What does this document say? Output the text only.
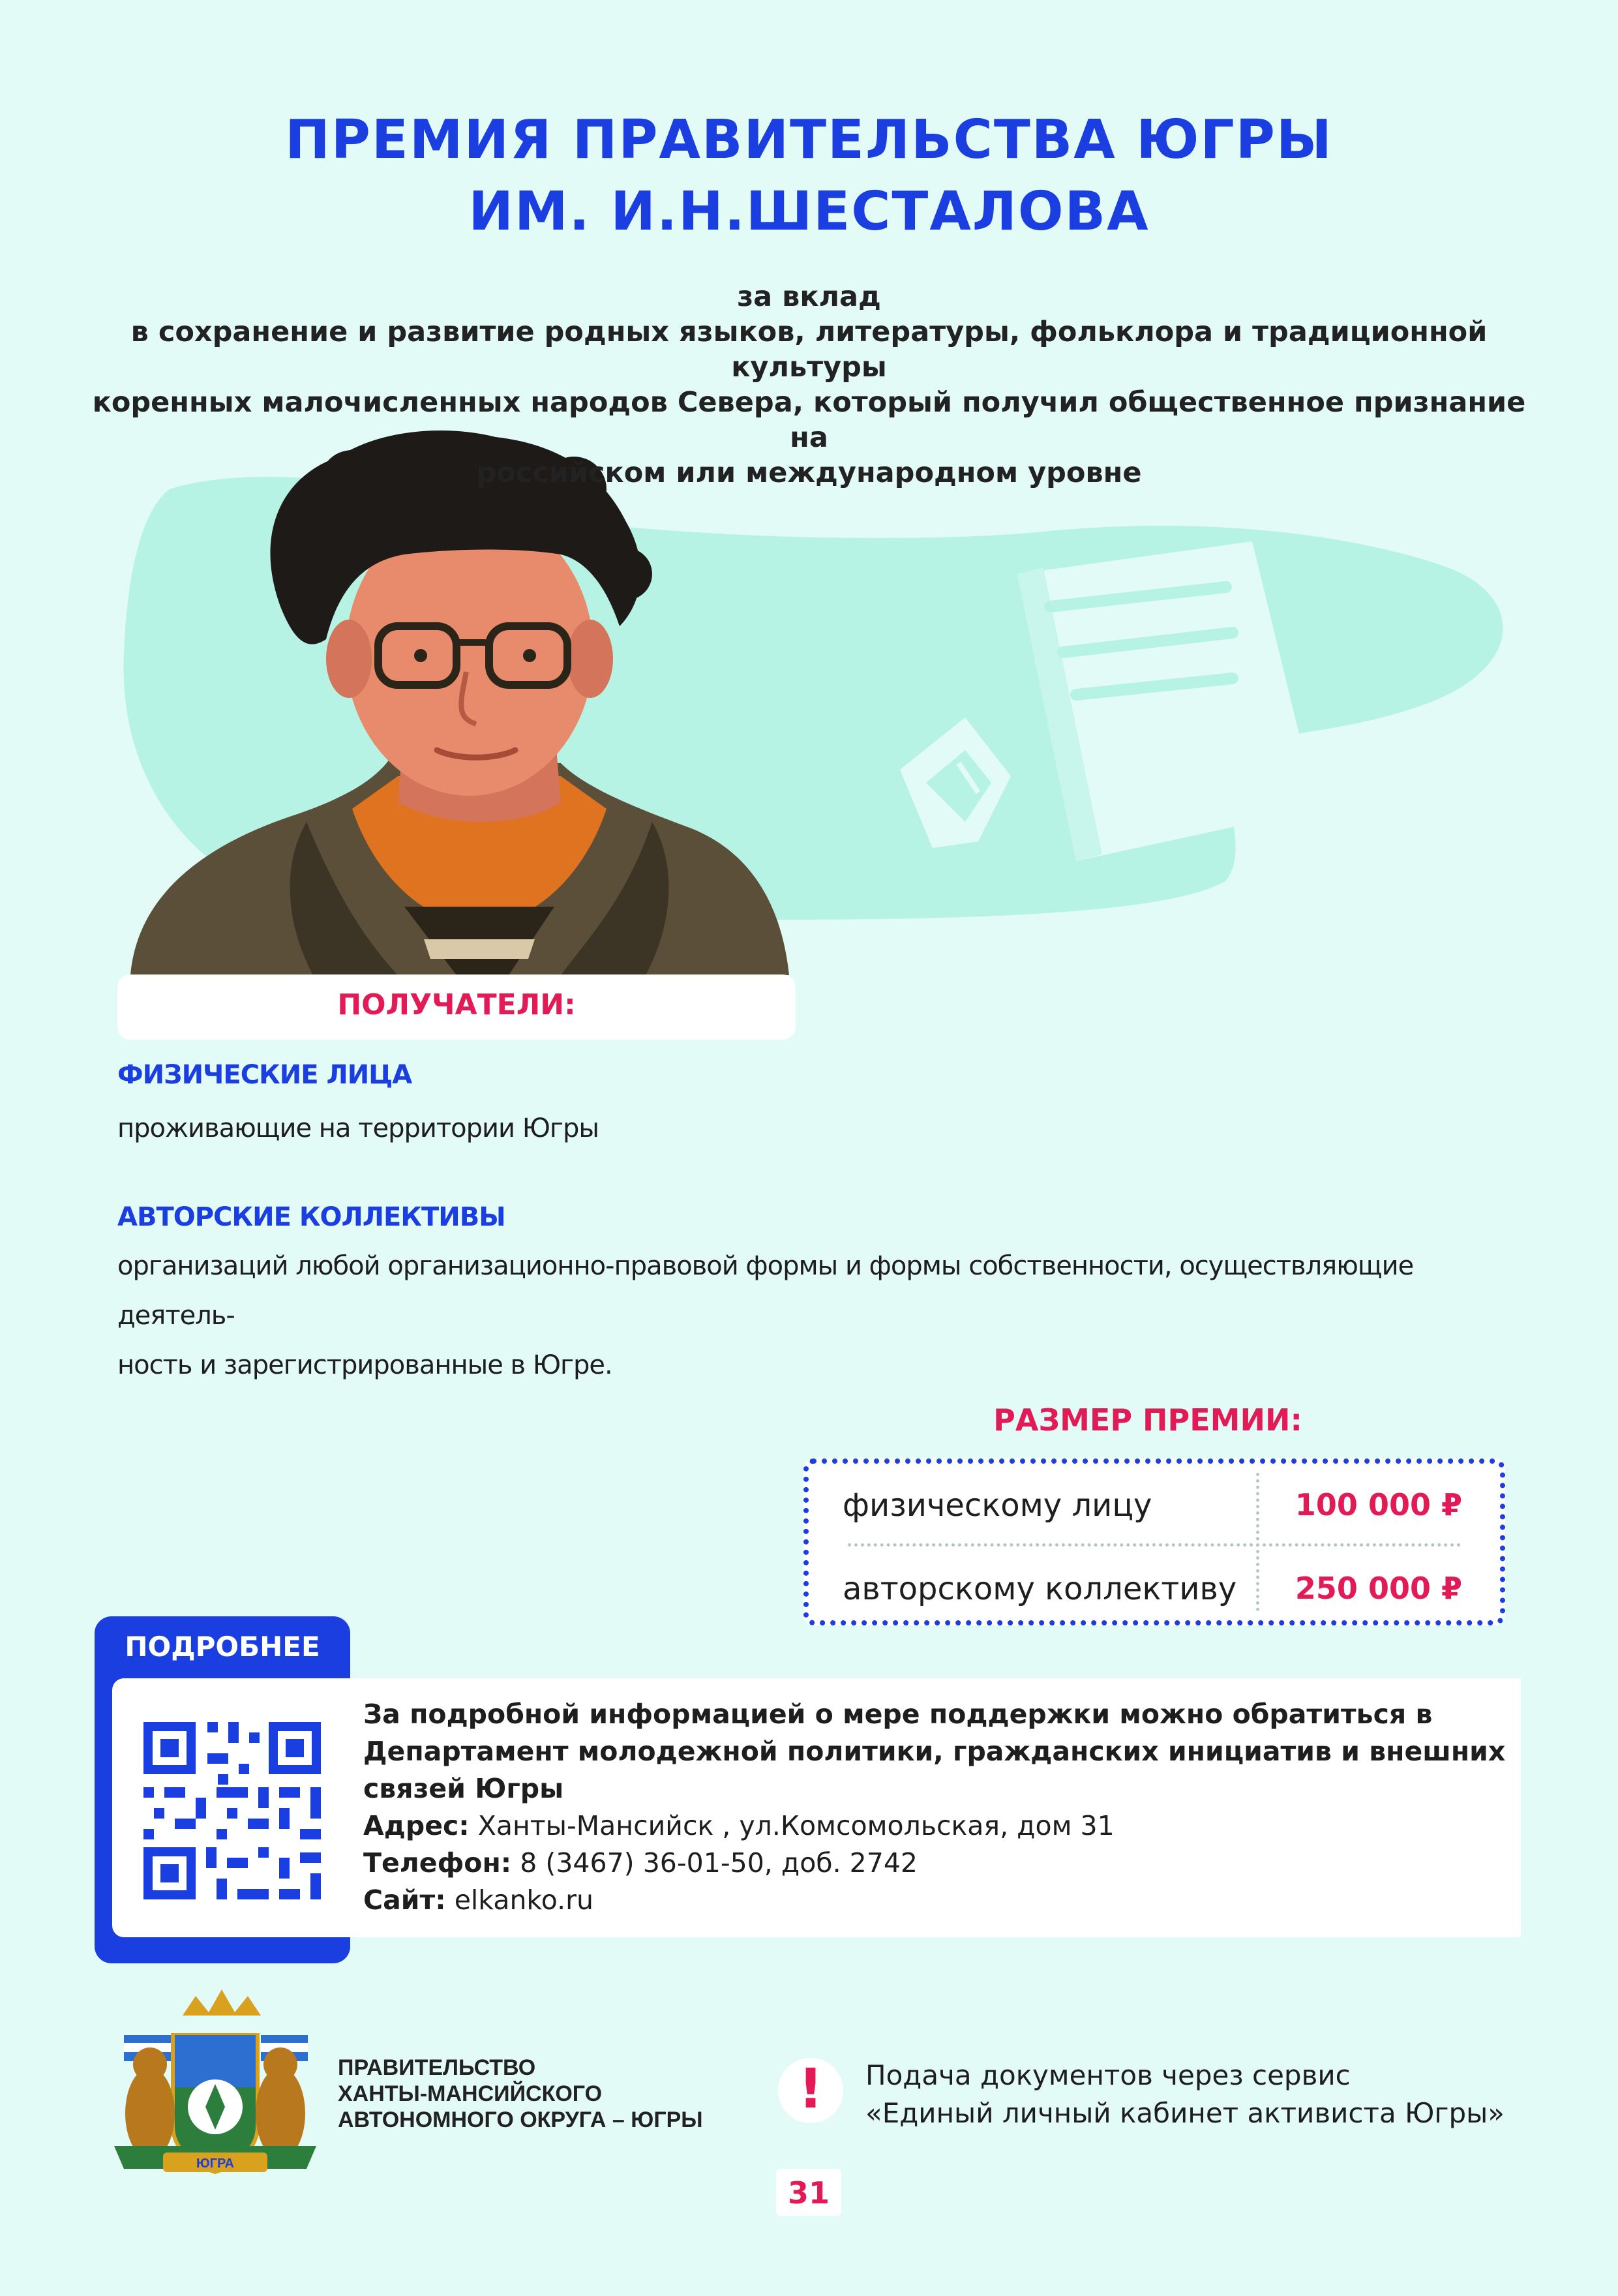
ЮГРА
ПРЕМИЯ ПРАВИТЕЛЬСТВА ЮГРЫ
ИМ. И.Н.ШЕСТАЛОВА
за вклад
в сохранение и развитие родных языков, литературы, фольклора и традиционной культуры
коренных малочисленных народов Севера, который получил общественное признание на
российском или международном уровне
ПОЛУЧАТЕЛИ:
ФИЗИЧЕСКИЕ ЛИЦА
проживающие на территории Югры
АВТОРСКИЕ КОЛЛЕКТИВЫ
организаций любой организационно-правовой формы и формы собственности, осуществляющие деятель-
ность и зарегистрированные в Югре.
РАЗМЕР ПРЕМИИ:
физическому лицу	100 000 ₽
авторскому коллективу 250 000 ₽
ПОДРОБНЕЕ
За подробной информацией о мере поддержки можно обратиться в
Департамент молодежной политики, гражданских инициатив и внешних
связей Югры
Адрес: Ханты-Мансийск , ул.Комсомольская, дом 31
Телефон: 8 (3467) 36-01-50, доб. 2742
Сайт: elkanko.ru
ПРАВИТЕЛЬСТВО
ХАНТЫ-МАНСИЙСКОГО
АВТОНОМНОГО ОКРУГА – ЮГРЫ	!	Подача документов через сервис
«Единый личный кабинет активиста Югры»
31
